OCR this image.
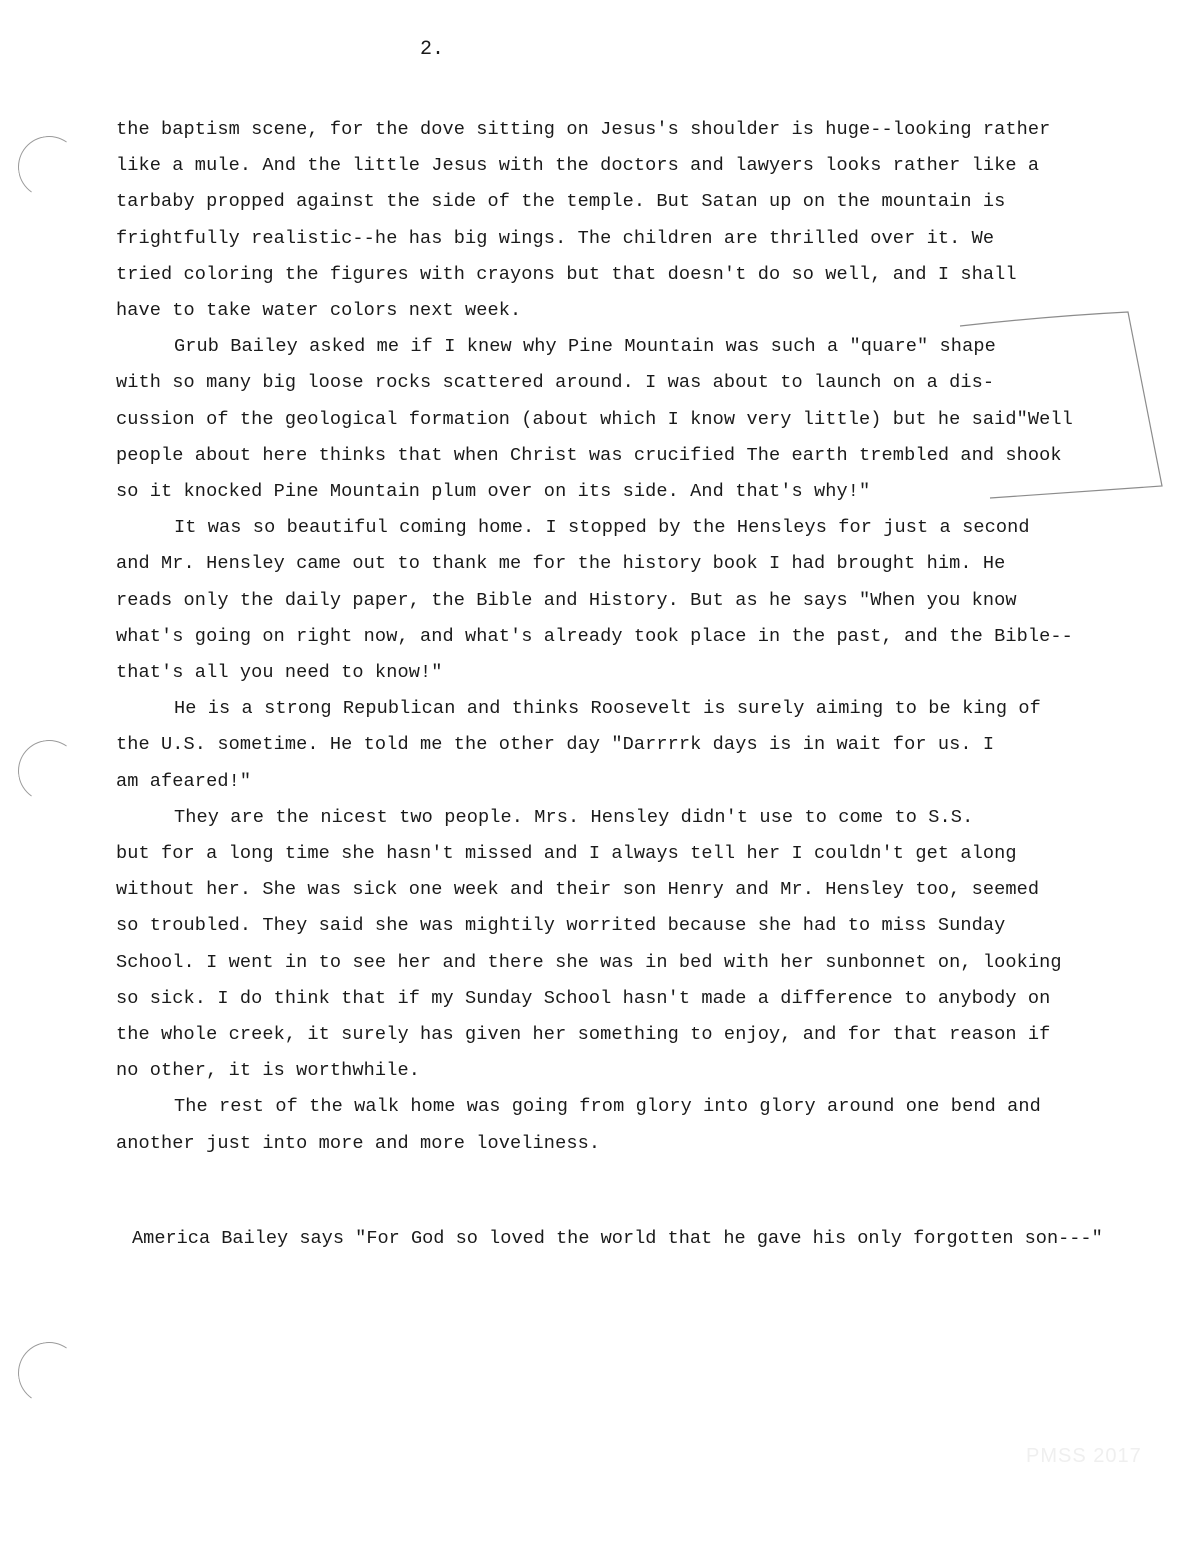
2.

the baptism scene, for the dove sitting on Jesus's shoulder is huge--looking rather

like a mule. And the little Jesus with the doctors and lawyers looks rather like a

tarbaby propped against the side of the temple. But Satan up on the mountain is

frightfully realistic--he has big wings. The children are thrilled over it. We

tried coloring the figures with crayons but that doesn't do so well, and I shall

have to take water colors next week.

Grub Bailey asked me if I knew why Pine Mountain was such a "quare" shape

with so many big loose rocks scattered around. I was about to launch on a dis-

cussion of the geological formation (about which I know very little) but he said"Well

people about here thinks that when Christ was crucified The earth trembled and shook

so it knocked Pine Mountain plum over on its side. And that's why!"

It was so beautiful coming home. I stopped by the Hensleys for just a second

and Mr. Hensley came out to thank me for the history book I had brought him. He

reads only the daily paper, the Bible and History. But as he says "When you know

what's going on right now, and what's already took place in the past, and the Bible--

that's all you need to know!"

He is a strong Republican and thinks Roosevelt is surely aiming to be king of

the U.S. sometime. He told me the other day "Darrrrk days is in wait for us. I

am afeared!"

They are the nicest two people. Mrs. Hensley didn't use to come to S.S.

but for a long time she hasn't missed and I always tell her I couldn't get along

without her. She was sick one week and their son Henry and Mr. Hensley too, seemed

so troubled. They said she was mightily worrited because she had to miss Sunday

School. I went in to see her and there she was in bed with her sunbonnet on, looking

so sick. I do think that if my Sunday School hasn't made a difference to anybody on

the whole creek, it surely has given her something to enjoy, and for that reason if

no other, it is worthwhile.

The rest of the walk home was going from glory into glory around one bend and

another just into more and more loveliness.

America Bailey says "For God so loved the world that he gave his only forgotten son---"
PMSS 2017
